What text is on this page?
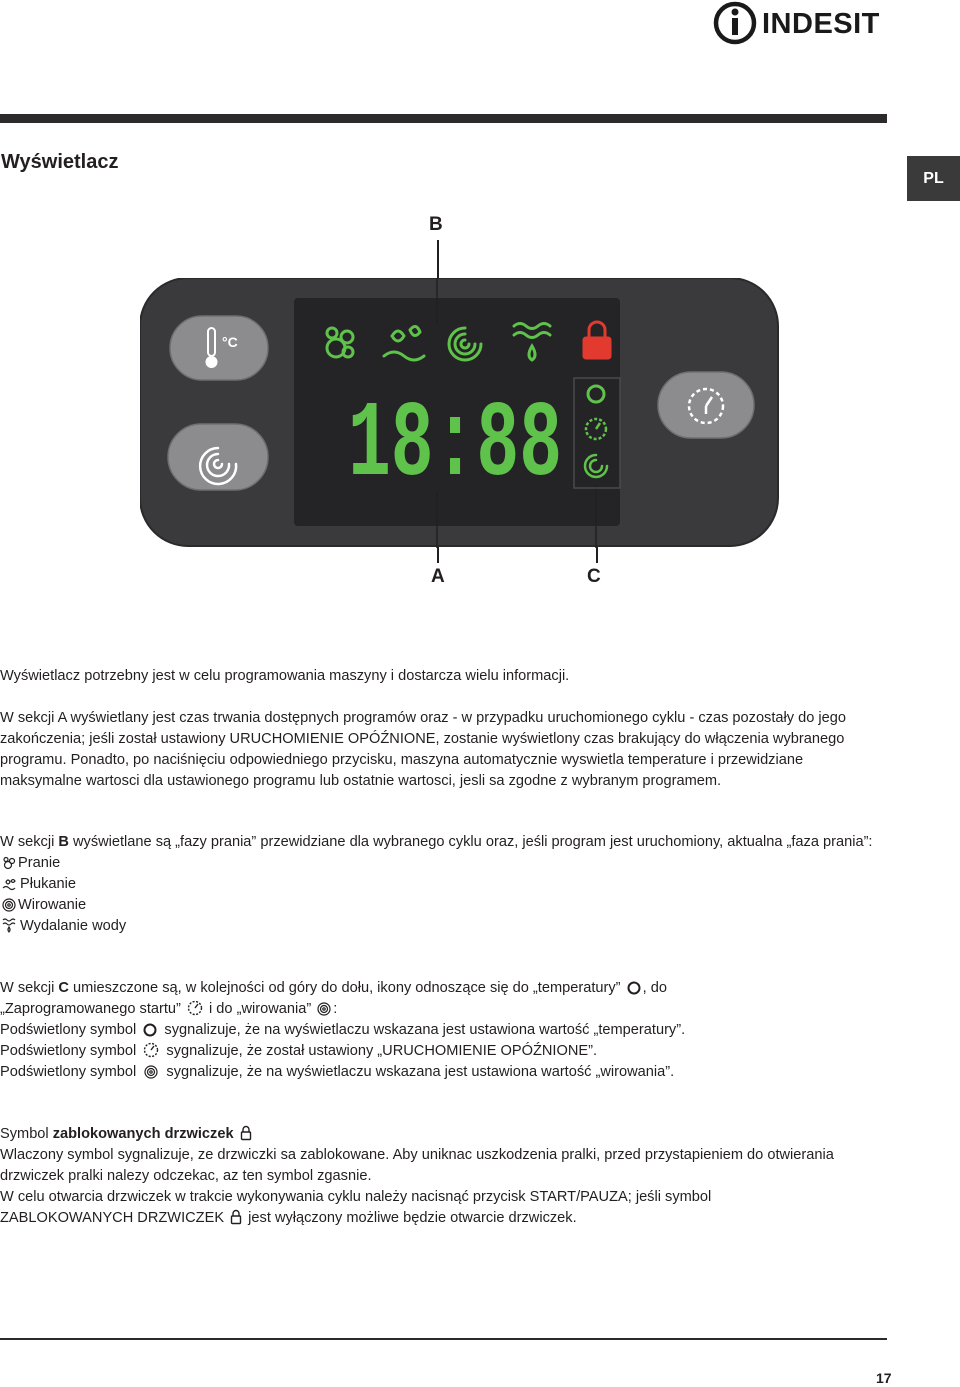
INDESIT
Wyświetlacz
PL
B
A	C
°C
18:88

Wyświetlacz potrzebny jest w celu programowania maszyny i dostarcza wielu informacji.

W sekcji A wyświetlany jest czas trwania dostępnych programów oraz - w przypadku uruchomionego cyklu - czas pozostały do jego zakończenia; jeśli został ustawiony URUCHOMIENIE OPÓŹNIONE, zostanie wyświetlony czas brakujący do włączenia wybranego programu. Ponadto, po naciśnięciu odpowiedniego przycisku, maszyna automatycznie wyswietla temperature i przewidziane maksymalne wartosci dla ustawionego programu lub ostatnie wartosci, jesli sa zgodne z wybranym programem.

W sekcji B wyświetlane są „fazy prania” przewidziane dla wybranego cyklu oraz, jeśli program jest uruchomiony, aktualna „faza prania”:

Pranie

Płukanie

Wirowanie

Wydalanie wody

W sekcji C umieszczone są, w kolejności od góry do dołu, ikony odnoszące się do „temperatury” , do

„Zaprogramowanego startu”  i do „wirowania” :

Podświetlony symbol sygnalizuje, że na wyświetlaczu wskazana jest ustawiona wartość „temperatury”.

Podświetlony symbol sygnalizuje, że został ustawiony „URUCHOMIENIE OPÓŹNIONE”.

Podświetlony symbol sygnalizuje, że na wyświetlaczu wskazana jest ustawiona wartość „wirowania”.

Symbol zablokowanych drzwiczek

Wlaczony symbol sygnalizuje, ze drzwiczki sa zablokowane. Aby uniknac uszkodzenia pralki, przed przystapieniem do otwierania drzwiczek pralki nalezy odczekac, az ten symbol zgasnie.

W celu otwarcia drzwiczek w trakcie wykonywania cyklu należy nacisnąć przycisk START/PAUZA; jeśli symbol

ZABLOKOWANYCH DRZWICZEK  jest wyłączony możliwe będzie otwarcie drzwiczek.

17
